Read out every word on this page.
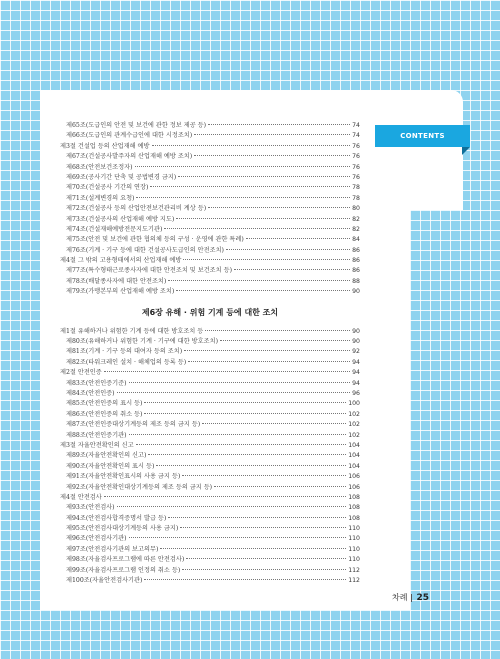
CONTENTS
제65조(도급인의 안전 및 보건에 관한 정보 제공 등)	74
제66조(도급인의 관계수급인에 대한 시정조치)	74
제3절 건설업 등의 산업재해 예방	76
제67조(건설공사발주자의 산업재해 예방 조치)	76
제68조(안전보건조정자)	76
제69조(공사기간 단축 및 공법변경 금지)	76
제70조(건설공사 기간의 연장)	78
제71조(설계변경의 요청)	78
제72조(건설공사 등의 산업안전보건관리비 계상 등)	80
제73조(건설공사의 산업재해 예방 지도)	82
제74조(건설재해예방전문지도기관)	82
제75조(안전 및 보건에 관한 협의체 등의 구성 · 운영에 관한 특례)	84
제76조(기계 · 기구 등에 대한 건설공사도급인의 안전조치)	86
제4절 그 밖의 고용형태에서의 산업재해 예방	86
제77조(특수형태근로종사자에 대한 안전조치 및 보건조치 등)	86
제78조(배달종사자에 대한 안전조치)	88
제79조(가맹본부의 산업재해 예방 조치)	90
제6장 유해 · 위험 기계 등에 대한 조치
제1절 유해하거나 위험한 기계 등에 대한 방호조치 등	90
제80조(유해하거나 위험한 기계 · 기구에 대한 방호조치)	90
제81조(기계 · 기구 등의 대여자 등의 조치)	92
제82조(타워크레인 설치 · 해체업의 등록 등)	94
제2절 안전인증	94
제83조(안전인증기준)	94
제84조(안전인증)	96
제85조(안전인증의 표시 등)	100
제86조(안전인증의 취소 등)	102
제87조(안전인증대상기계등의 제조 등의 금지 등)	102
제88조(안전인증기관)	102
제3절 자율안전확인의 신고	104
제89조(자율안전확인의 신고)	104
제90조(자율안전확인의 표시 등)	104
제91조(자율안전확인표시의 사용 금지 등)	106
제92조(자율안전확인대상기계등의 제조 등의 금지 등)	106
제4절 안전검사	108
제93조(안전검사)	108
제94조(안전검사합격증명서 발급 등)	108
제95조(안전검사대상기계등의 사용 금지)	110
제96조(안전검사기관)	110
제97조(안전검사기관의 보고의무)	110
제98조(자율검사프로그램에 따른 안전검사)	110
제99조(자율검사프로그램 인정의 취소 등)	112
제100조(자율안전검사기관)	112
차례 25
